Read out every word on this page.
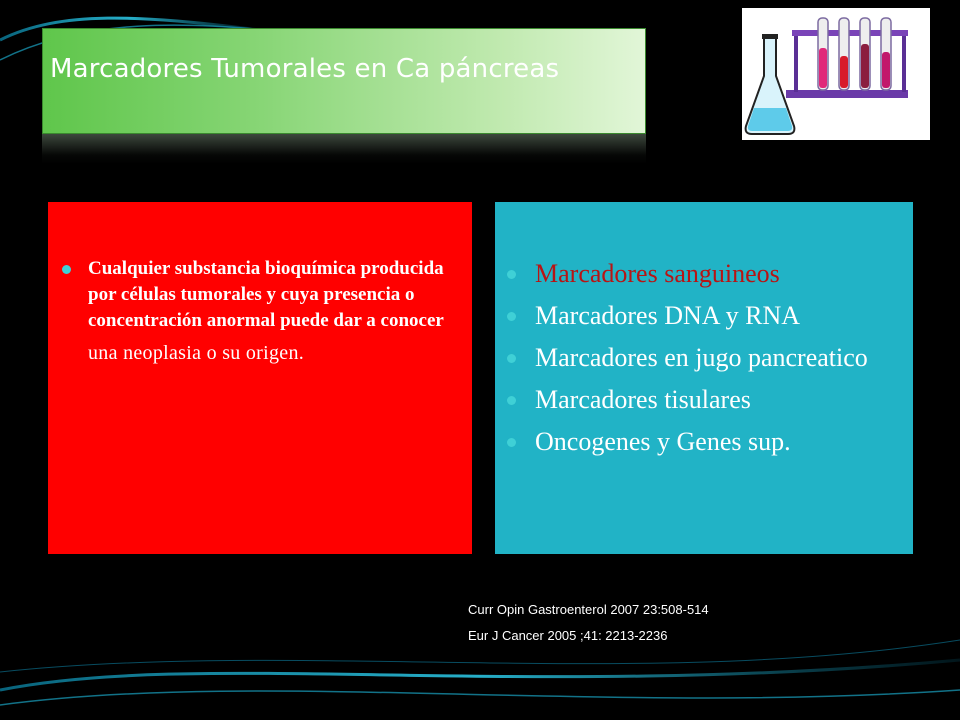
Marcadores Tumorales en Ca páncreas
Cualquier substancia bioquímica producida por células tumorales y cuya presencia o concentración anormal puede dar a conocer
una neoplasia o su origen.
Marcadores sanguineos
Marcadores DNA y RNA
Marcadores en jugo pancreatico
Marcadores tisulares
Oncogenes y Genes sup.
Curr Opin Gastroenterol 2007 23:508-514
Eur J Cancer 2005 ;41: 2213-2236
